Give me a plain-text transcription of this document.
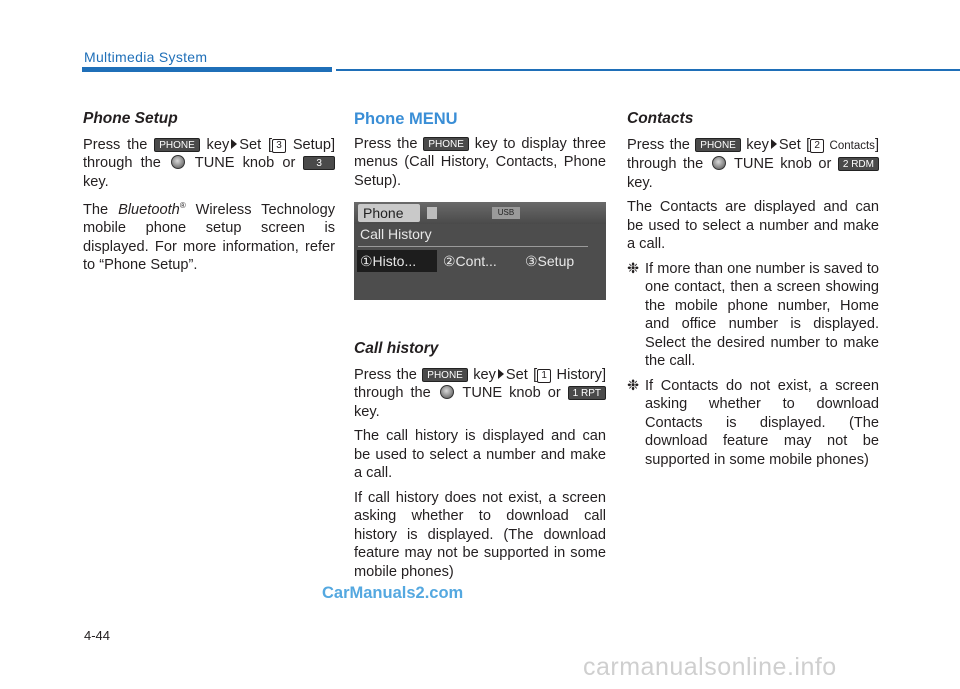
Multimedia System
Phone Setup

Press the PHONE key Set [ 3 Setup] through the TUNE knob or 3 key.

The Bluetooth® Wireless Technology mobile phone setup screen is displayed. For more information, refer to “Phone Setup”.

Phone MENU

Press the PHONE key to display three menus (Call History, Contacts, Phone Setup).

Phone	USB
Call History
①Histo...	②Cont...	③Setup
Call history

Press the PHONE key Set [ 1 History] through the TUNE knob or 1 RPT key.

The call history is displayed and can be used to select a number and make a call.

If call history does not exist, a screen asking whether to download call history is displayed. (The download feature may not be supported in some mobile phones)

Contacts

Press the PHONE key Set [ 2 Contacts] through the TUNE knob or 2 RDM key.

The Contacts are displayed and can be used to select a number and make a call.

❉ If more than one number is saved to one contact, then a screen showing the mobile phone number, Home and office number is displayed. Select the desired number to make the call.
❉ If Contacts do not exist, a screen asking whether to download Contacts is displayed. (The download feature may not be supported in some mobile phones)
CarManuals2.com
4-44
carmanualsonline.info
